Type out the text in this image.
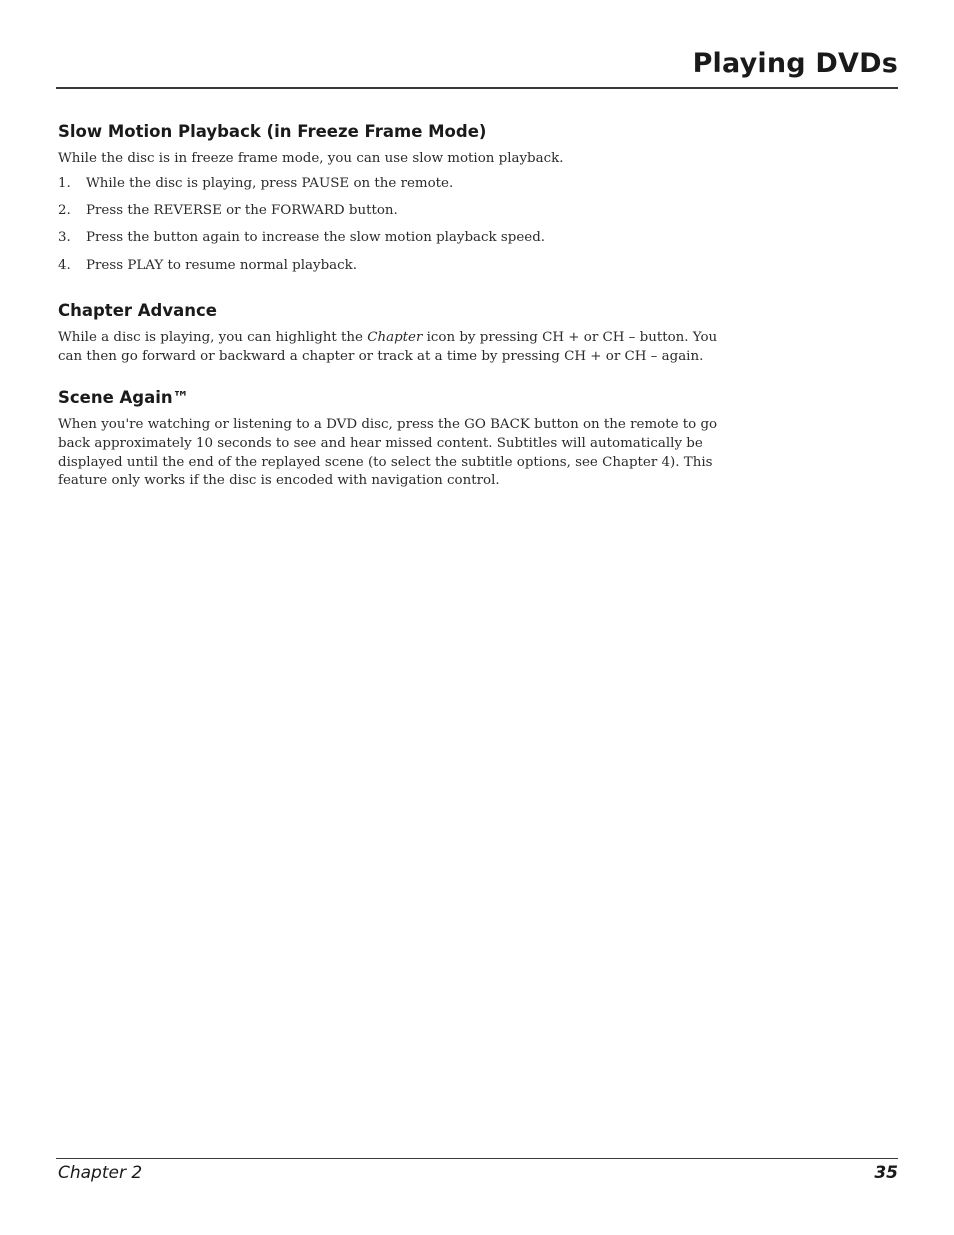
Playing DVDs
Slow Motion Playback (in Freeze Frame Mode)

While the disc is in freeze frame mode, you can use slow motion playback.

1.	While the disc is playing, press PAUSE on the remote.
2.	Press the REVERSE or the FORWARD button.
3.	Press the button again to increase the slow motion playback speed.
4.	Press PLAY to resume normal playback.
Chapter Advance

While a disc is playing, you can highlight the Chapter icon by pressing CH + or CH – button. You can then go forward or backward a chapter or track at a time by pressing CH + or CH – again.

Scene Again™

When you're watching or listening to a DVD disc, press the GO BACK button on the remote to go back approximately 10 seconds to see and hear missed content. Subtitles will automatically be displayed until the end of the replayed scene (to select the subtitle options, see Chapter 4). This feature only works if the disc is encoded with navigation control.

Chapter 2	35
